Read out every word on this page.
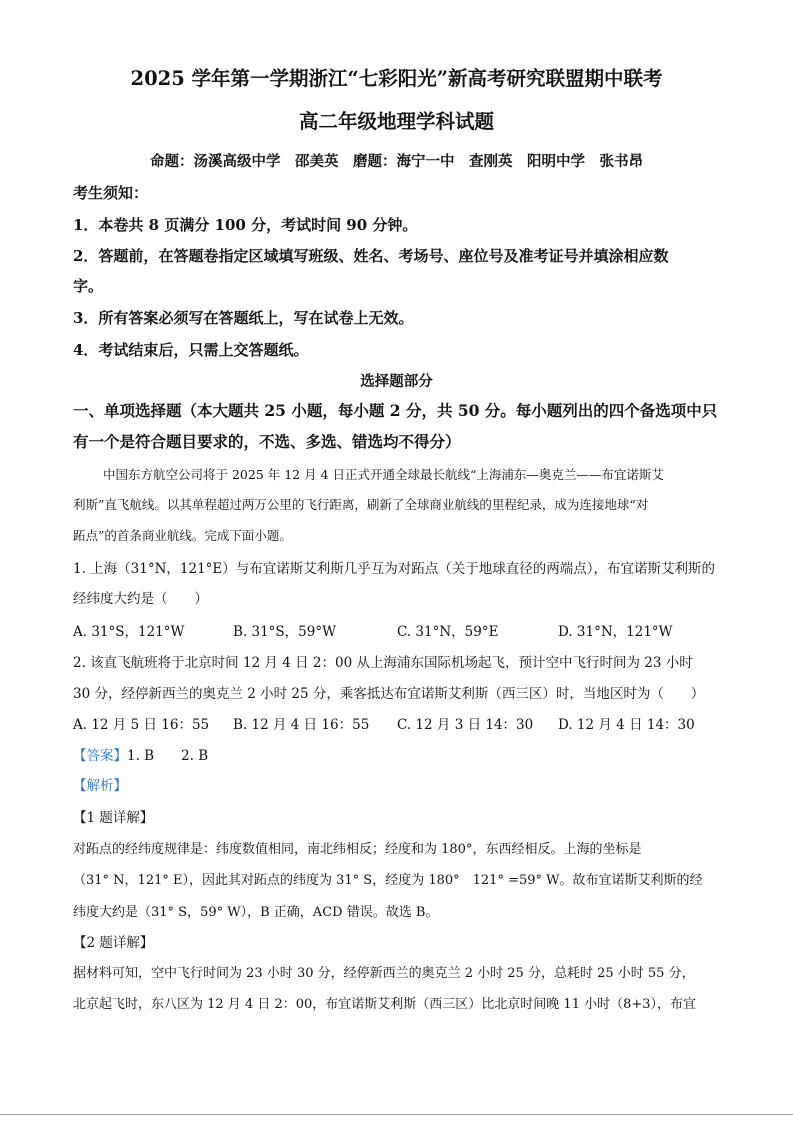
2025 学年第一学期浙江“七彩阳光”新高考研究联盟期中联考
高二年级地理学科试题
命题：汤溪高级中学　邵美英　磨题：海宁一中　查刚英　阳明中学　张书昂
考生须知：
1．本卷共 8 页满分 100 分，考试时间 90 分钟。
2．答题前，在答题卷指定区域填写班级、姓名、考场号、座位号及准考证号并填涂相应数
字。
3．所有答案必须写在答题纸上，写在试卷上无效。
4．考试结束后，只需上交答题纸。
选择题部分
一、单项选择题（本大题共 25 小题，每小题 2 分，共 50 分。每小题列出的四个备选项中只
有一个是符合题目要求的，不选、多选、错选均不得分）
中国东方航空公司将于 2025 年 12 月 4 日正式开通全球最长航线“上海浦东—奥克兰——布宜诺斯艾
利斯”直飞航线。以其单程超过两万公里的飞行距离，刷新了全球商业航线的里程纪录，成为连接地球“对
跖点”的首条商业航线。完成下面小题。
1. 上海（31°N，121°E）与布宜诺斯艾利斯几乎互为对跖点（关于地球直径的两端点），布宜诺斯艾利斯的
经纬度大约是（　　）
A. 31°S，121°W	B. 31°S，59°W	C. 31°N，59°E	D. 31°N，121°W
2. 该直飞航班将于北京时间 12 月 4 日 2：00 从上海浦东国际机场起飞，预计空中飞行时间为 23 小时
30 分，经停新西兰的奥克兰 2 小时 25 分，乘客抵达布宜诺斯艾利斯（西三区）时，当地区时为（　　）
A. 12 月 5 日 16：55 B. 12 月 4 日 16：55 C. 12 月 3 日 14：30 D. 12 月 4 日 14：30
【答案】1. B　　2. B
【解析】
【1 题详解】
对跖点的经纬度规律是：纬度数值相同，南北纬相反；经度和为 180°，东西经相反。上海的坐标是
（31° N，121° E），因此其对跖点的纬度为 31° S，经度为 180°　121° =59° W。故布宜诺斯艾利斯的经
纬度大约是（31° S，59° W），B 正确，ACD 错误。故选 B。
【2 题详解】
据材料可知，空中飞行时间为 23 小时 30 分，经停新西兰的奥克兰 2 小时 25 分，总耗时 25 小时 55 分，
北京起飞时，东八区为 12 月 4 日 2：00，布宜诺斯艾利斯（西三区）比北京时间晚 11 小时（8+3），布宜
